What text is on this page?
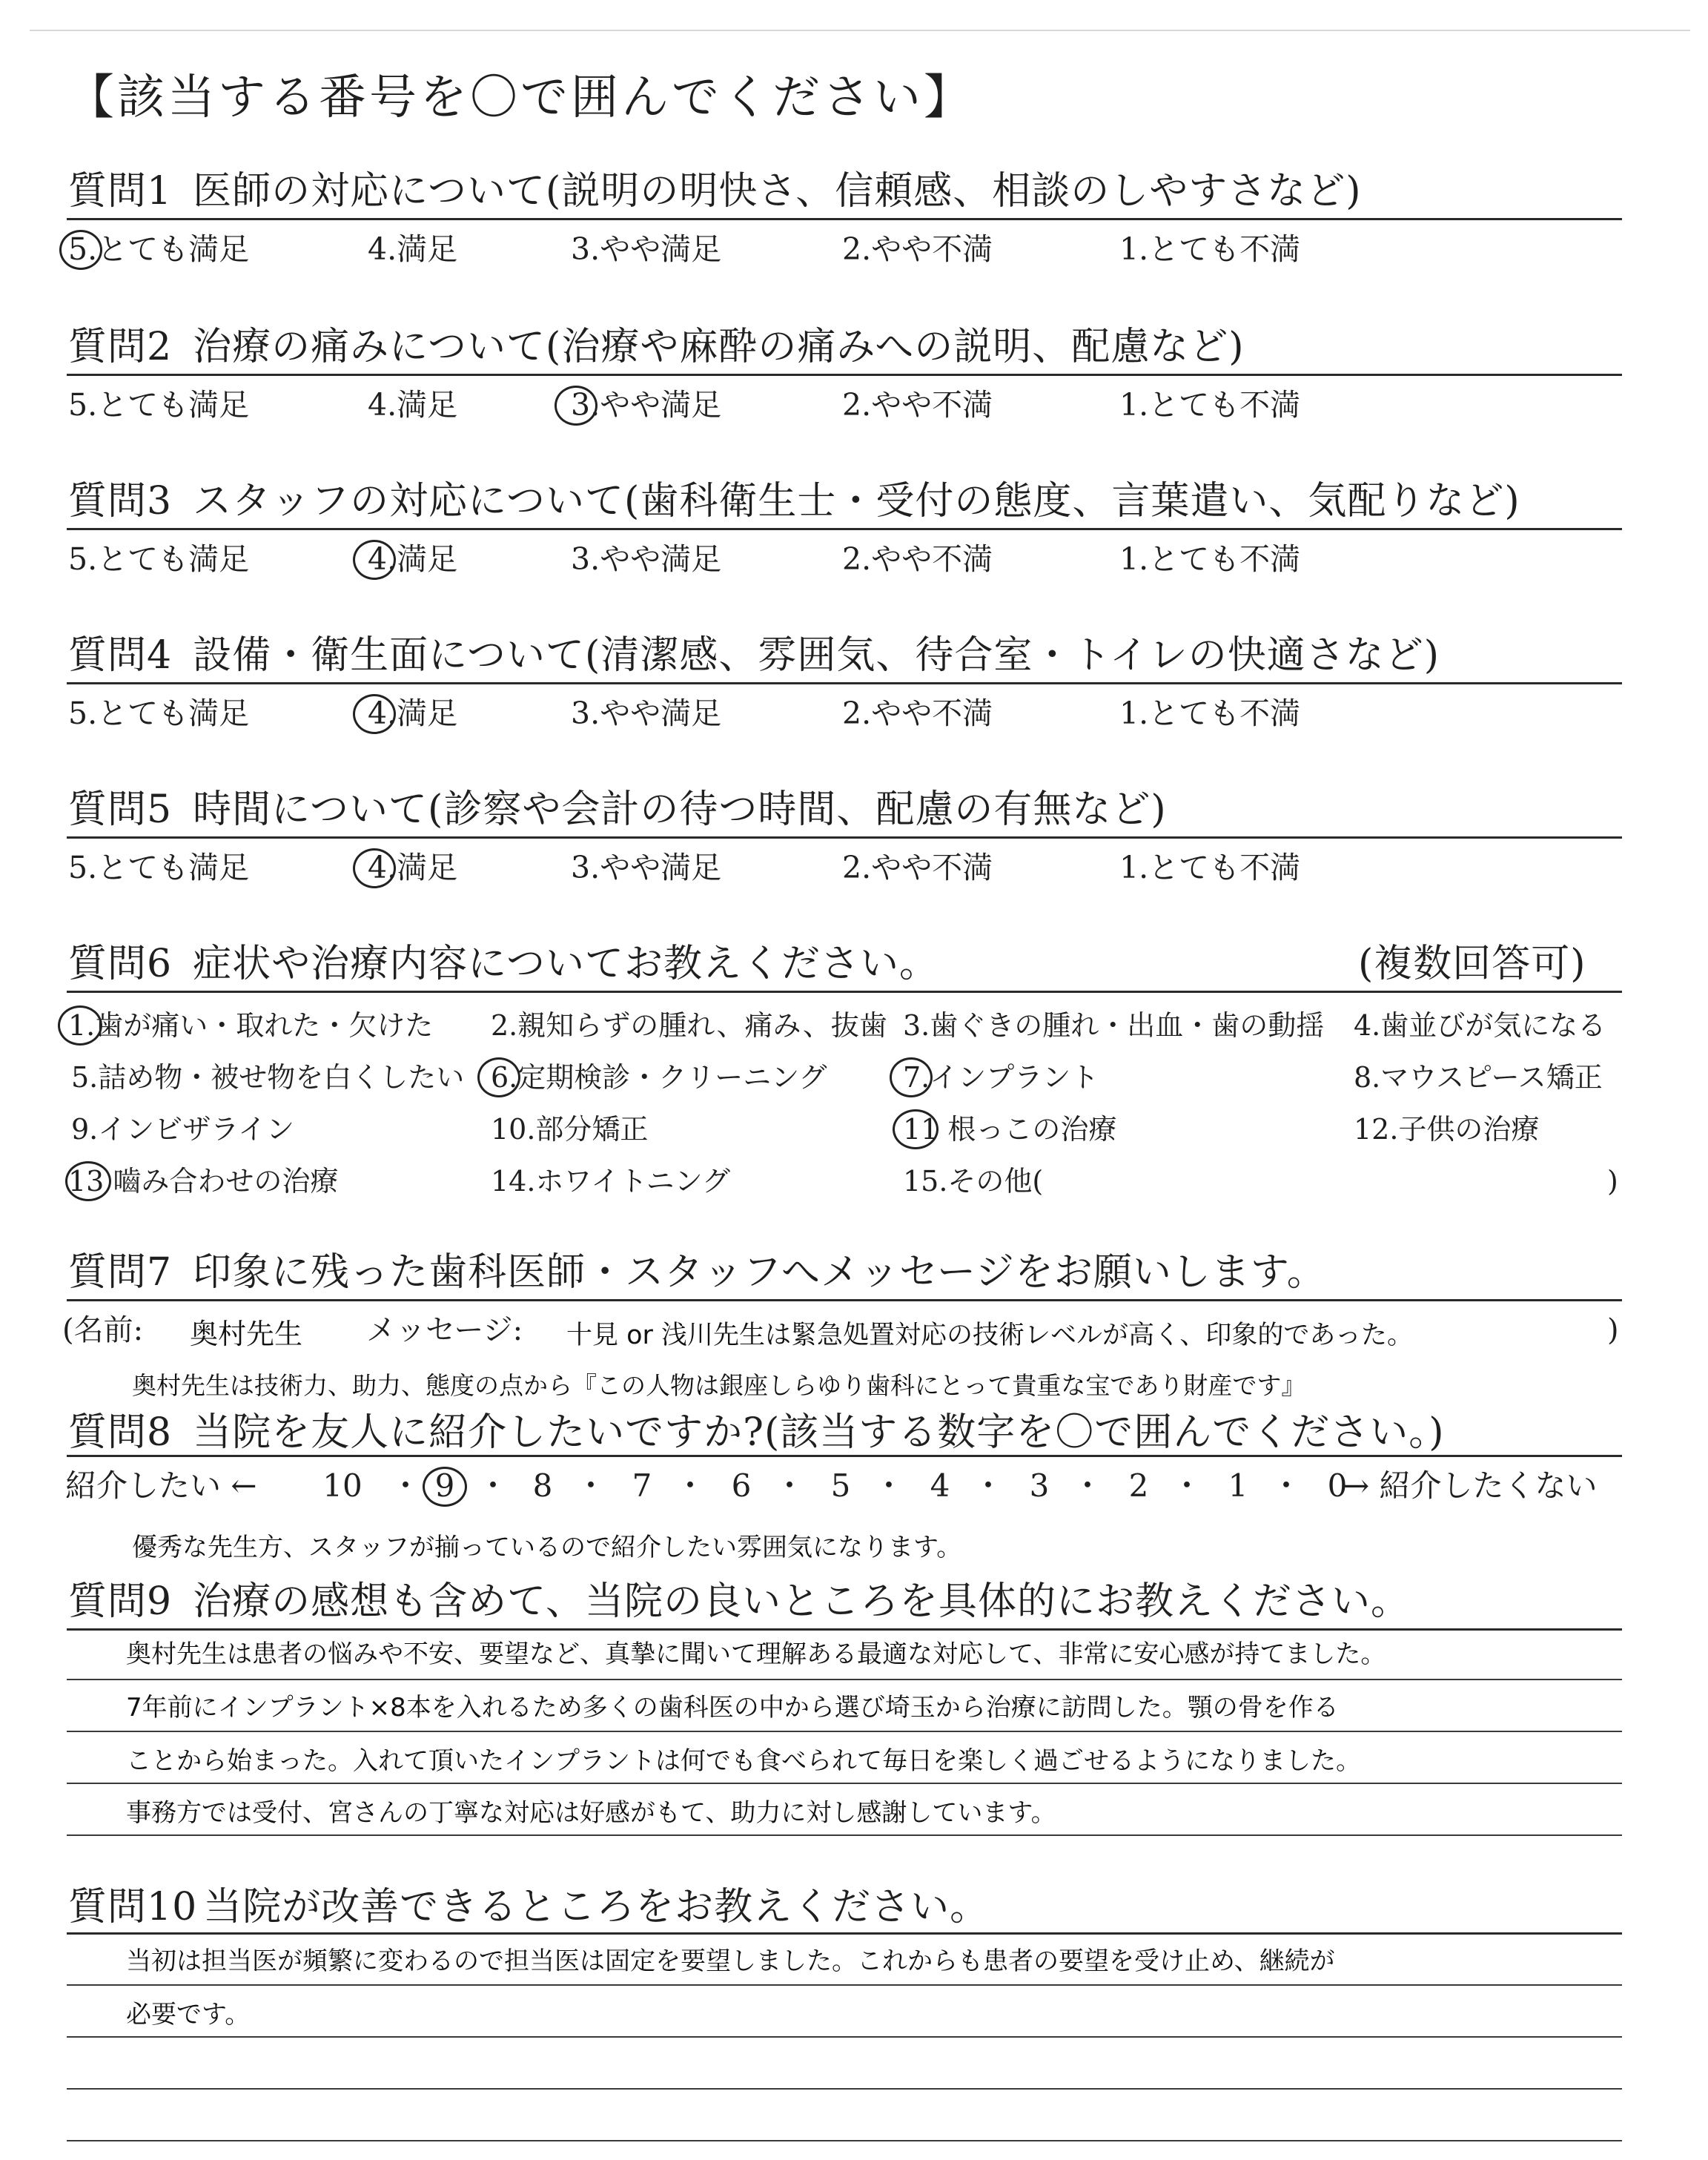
【該当する番号を〇で囲んでください】
質問1 医師の対応について(説明の明快さ、信頼感、相談のしやすさなど)
5.とても満足	4.満足	3.やや満足	2.やや不満	1.とても不満
質問2 治療の痛みについて(治療や麻酔の痛みへの説明、配慮など)
5.とても満足	4.満足	3.やや満足	2.やや不満	1.とても不満
質問3 スタッフの対応について(歯科衛生士・受付の態度、言葉遣い、気配りなど)
5.とても満足	4.満足	3.やや満足	2.やや不満	1.とても不満
質問4 設備・衛生面について(清潔感、雰囲気、待合室・トイレの快適さなど)
5.とても満足	4.満足	3.やや満足	2.やや不満	1.とても不満
質問5 時間について(診察や会計の待つ時間、配慮の有無など)
5.とても満足	4.満足	3.やや満足	2.やや不満	1.とても不満
質問6 症状や治療内容についてお教えください。	(複数回答可)
1.歯が痛い・取れた・欠けた 2.親知らずの腫れ、痛み、抜歯 3.歯ぐきの腫れ・出血・歯の動揺 4.歯並びが気になる
5.詰め物・被せ物を白くしたい 6.定期検診・クリーニング	7.インプラント	8.マウスピース矯正
9.インビザライン	10.部分矯正	11 根っこの治療	12.子供の治療
13 嚙み合わせの治療	14.ホワイトニング	15.その他(	)
質問7 印象に残った歯科医師・スタッフへメッセージをお願いします。
(名前: 奥村先生 メッセージ: 十見 or 浅川先生は緊急処置対応の技術レベルが高く、印象的であった。	)
奥村先生は技術力、助力、態度の点から『この人物は銀座しらゆり歯科にとって貴重な宝であり財産です』
質問8 当院を友人に紹介したいですか?(該当する数字を〇で囲んでください。)
紹介したい ← 10 ・ 9 ・ 8 ・ 7 ・ 6 ・ 5 ・ 4 ・ 3 ・ 2 ・ 1 ・ 0
→ 紹介したくない
優秀な先生方、スタッフが揃っているので紹介したい雰囲気になります。
質問9 治療の感想も含めて、当院の良いところを具体的にお教えください。
奥村先生は患者の悩みや不安、要望など、真摯に聞いて理解ある最適な対応して、非常に安心感が持てました。
7年前にインプラント×8本を入れるため多くの歯科医の中から選び埼玉から治療に訪問した。顎の骨を作る
ことから始まった。入れて頂いたインプラントは何でも食べられて毎日を楽しく過ごせるようになりました。
事務方では受付、宮さんの丁寧な対応は好感がもて、助力に対し感謝しています。
質問10 当院が改善できるところをお教えください。
当初は担当医が頻繁に変わるので担当医は固定を要望しました。これからも患者の要望を受け止め、継続が
必要です。
